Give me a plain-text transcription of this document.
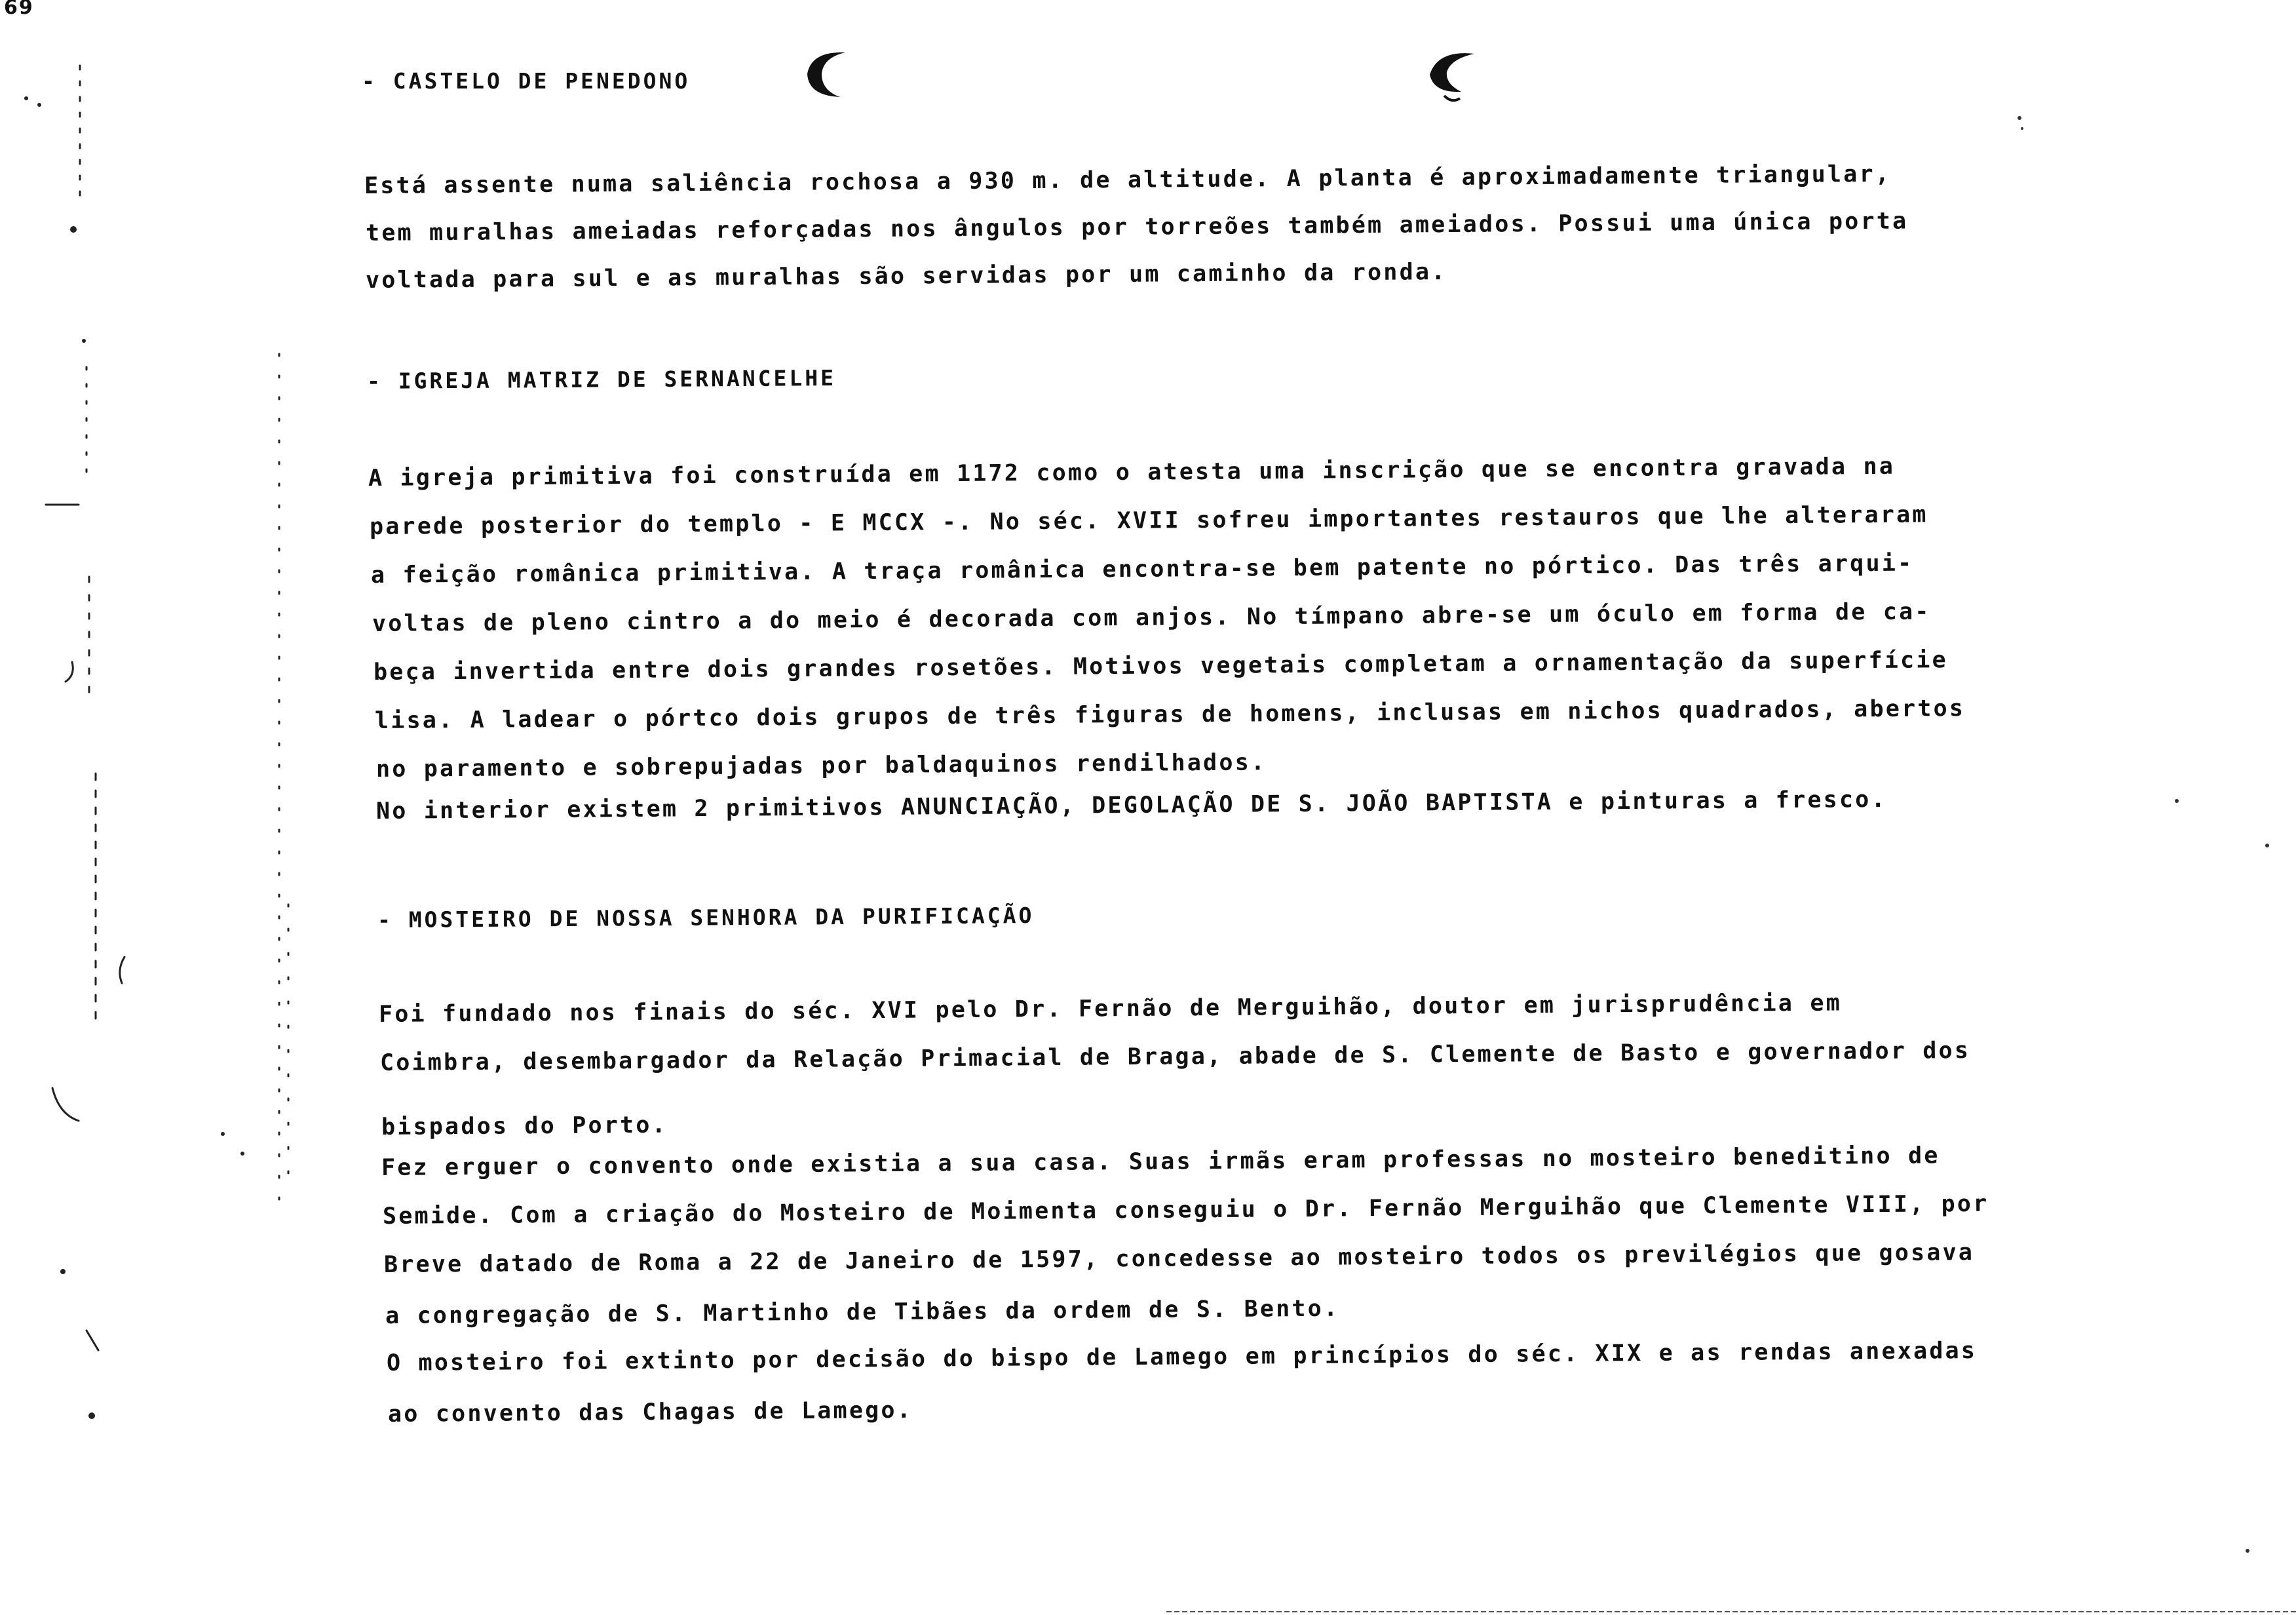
69
- CASTELO DE PENEDONO
Está assente numa saliência rochosa a 930 m. de altitude. A planta é aproximadamente triangular,
tem muralhas ameiadas reforçadas nos ângulos por torreões também ameiados. Possui uma única porta
voltada para sul e as muralhas são servidas por um caminho da ronda.
- IGREJA MATRIZ DE SERNANCELHE
A igreja primitiva foi construída em 1172 como o atesta uma inscrição que se encontra gravada na
parede posterior do templo - E MCCX -. No séc. XVII sofreu importantes restauros que lhe alteraram
a feição românica primitiva. A traça românica encontra-se bem patente no pórtico. Das três arqui-
voltas de pleno cintro a do meio é decorada com anjos. No tímpano abre-se um óculo em forma de ca-
beça invertida entre dois grandes rosetões. Motivos vegetais completam a ornamentação da superfície
lisa. A ladear o pórtco dois grupos de três figuras de homens, inclusas em nichos quadrados, abertos
no paramento e sobrepujadas por baldaquinos rendilhados.
No interior existem 2 primitivos ANUNCIAÇÃO, DEGOLAÇÃO DE S. JOÃO BAPTISTA e pinturas a fresco.
- MOSTEIRO DE NOSSA SENHORA DA PURIFICAÇÃO
Foi fundado nos finais do séc. XVI pelo Dr. Fernão de Merguihão, doutor em jurisprudência em
Coimbra, desembargador da Relação Primacial de Braga, abade de S. Clemente de Basto e governador dos
bispados do Porto.
Fez erguer o convento onde existia a sua casa. Suas irmãs eram professas no mosteiro beneditino de
Semide. Com a criação do Mosteiro de Moimenta conseguiu o Dr. Fernão Merguihão que Clemente VIII, por
Breve datado de Roma a 22 de Janeiro de 1597, concedesse ao mosteiro todos os previlégios que gosava
a congregação de S. Martinho de Tibães da ordem de S. Bento.
O mosteiro foi extinto por decisão do bispo de Lamego em princípios do séc. XIX e as rendas anexadas
ao convento das Chagas de Lamego.
